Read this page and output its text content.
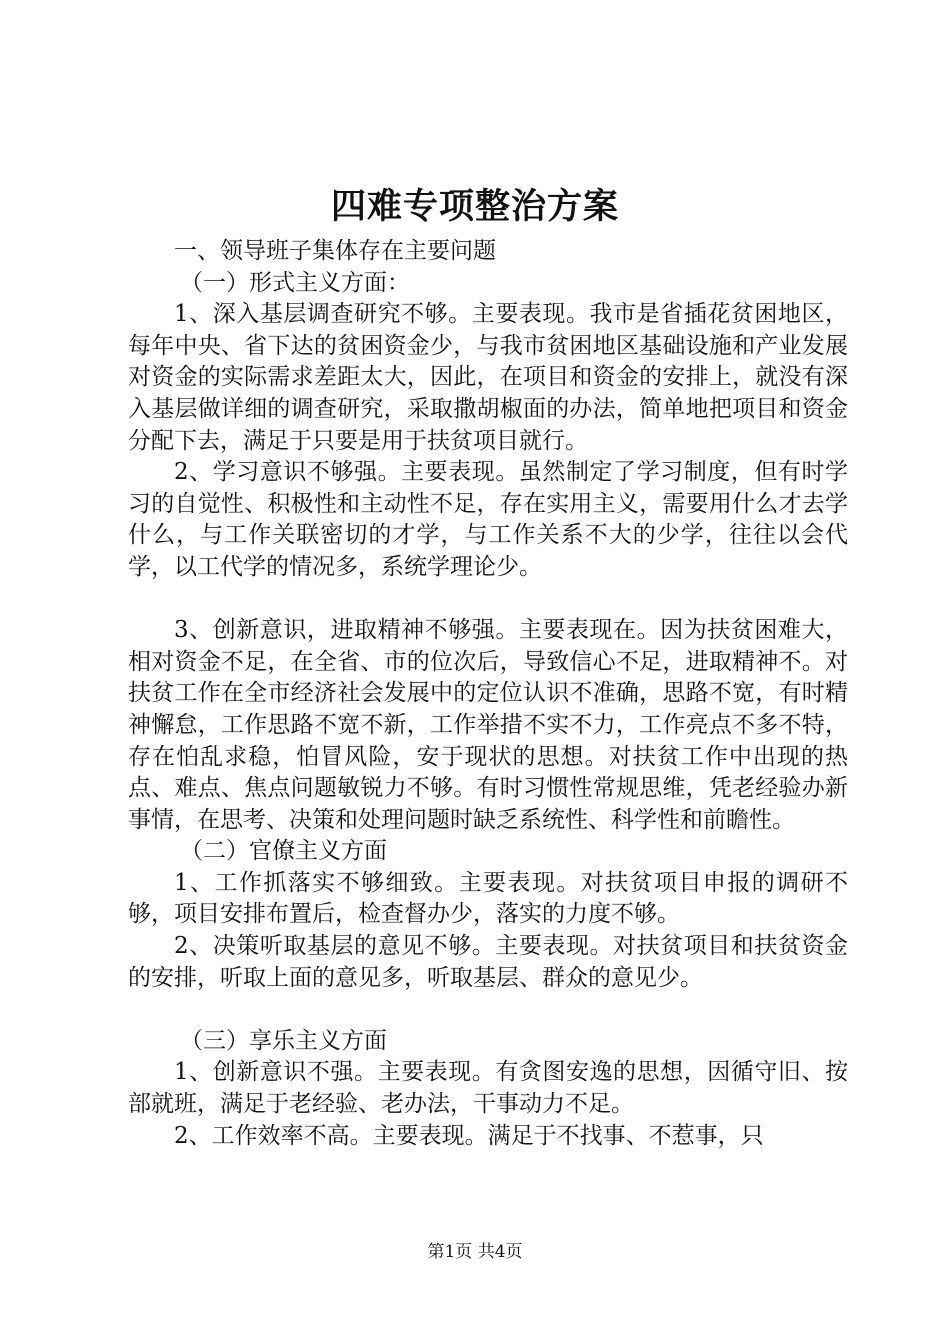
四难专项整治方案

一、领导班子集体存在主要问题

（一）形式主义方面：

1、深入基层调查研究不够。主要表现。我市是省插花贫困地区，每年中央、省下达的贫困资金少，与我市贫困地区基础设施和产业发展对资金的实际需求差距太大，因此，在项目和资金的安排上，就没有深入基层做详细的调查研究，采取撒胡椒面的办法，简单地把项目和资金分配下去，满足于只要是用于扶贫项目就行。

2、学习意识不够强。主要表现。虽然制定了学习制度，但有时学习的自觉性、积极性和主动性不足，存在实用主义，需要用什么才去学什么，与工作关联密切的才学，与工作关系不大的少学，往往以会代学，以工代学的情况多，系统学理论少。

3、创新意识，进取精神不够强。主要表现在。因为扶贫困难大，相对资金不足，在全省、市的位次后，导致信心不足，进取精神不。对扶贫工作在全市经济社会发展中的定位认识不准确，思路不宽，有时精神懈怠，工作思路不宽不新，工作举措不实不力，工作亮点不多不特，存在怕乱求稳，怕冒风险，安于现状的思想。对扶贫工作中出现的热点、难点、焦点问题敏锐力不够。有时习惯性常规思维，凭老经验办新事情，在思考、决策和处理问题时缺乏系统性、科学性和前瞻性。

（二）官僚主义方面

1、工作抓落实不够细致。主要表现。对扶贫项目申报的调研不够，项目安排布置后，检查督办少，落实的力度不够。

2、决策听取基层的意见不够。主要表现。对扶贫项目和扶贫资金的安排，听取上面的意见多，听取基层、群众的意见少。

（三）享乐主义方面

1、创新意识不强。主要表现。有贪图安逸的思想，因循守旧、按部就班，满足于老经验、老办法，干事动力不足。

2、工作效率不高。主要表现。满足于不找事、不惹事，只

第1页 共4页
